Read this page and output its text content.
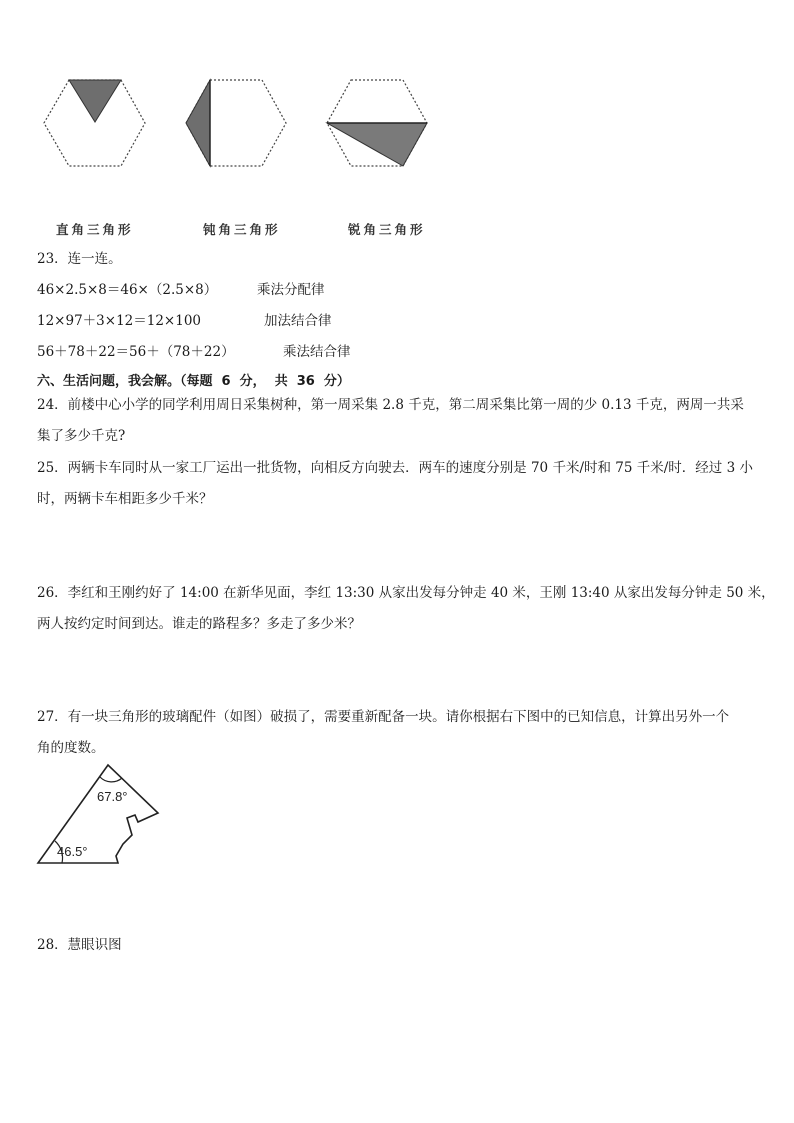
直角三角形	钝角三角形	锐角三角形
23．连一连。
46×2.5×8＝46×（2.5×8）	乘法分配律
12×97＋3×12＝12×100	加法结合律
56＋78＋22＝56＋（78＋22）	乘法结合律
六、生活问题，我会解。（每题  6  分，  共  36  分）
24．前楼中心小学的同学利用周日采集树种，第一周采集 2.8 千克，第二周采集比第一周的少 0.13 千克，两周一共采
集了多少千克?
25．两辆卡车同时从一家工厂运出一批货物，向相反方向驶去．两车的速度分别是 70 千米/时和 75 千米/时．经过 3 小
时，两辆卡车相距多少千米？
26．李红和王刚约好了 14:00 在新华见面，李红 13:30 从家出发每分钟走 40 米，王刚 13:40 从家出发每分钟走 50 米，
两人按约定时间到达。谁走的路程多？多走了多少米？
27．有一块三角形的玻璃配件（如图）破损了，需要重新配备一块。请你根据右下图中的已知信息，计算出另外一个
角的度数。
67.8°
46.5°
28．慧眼识图
